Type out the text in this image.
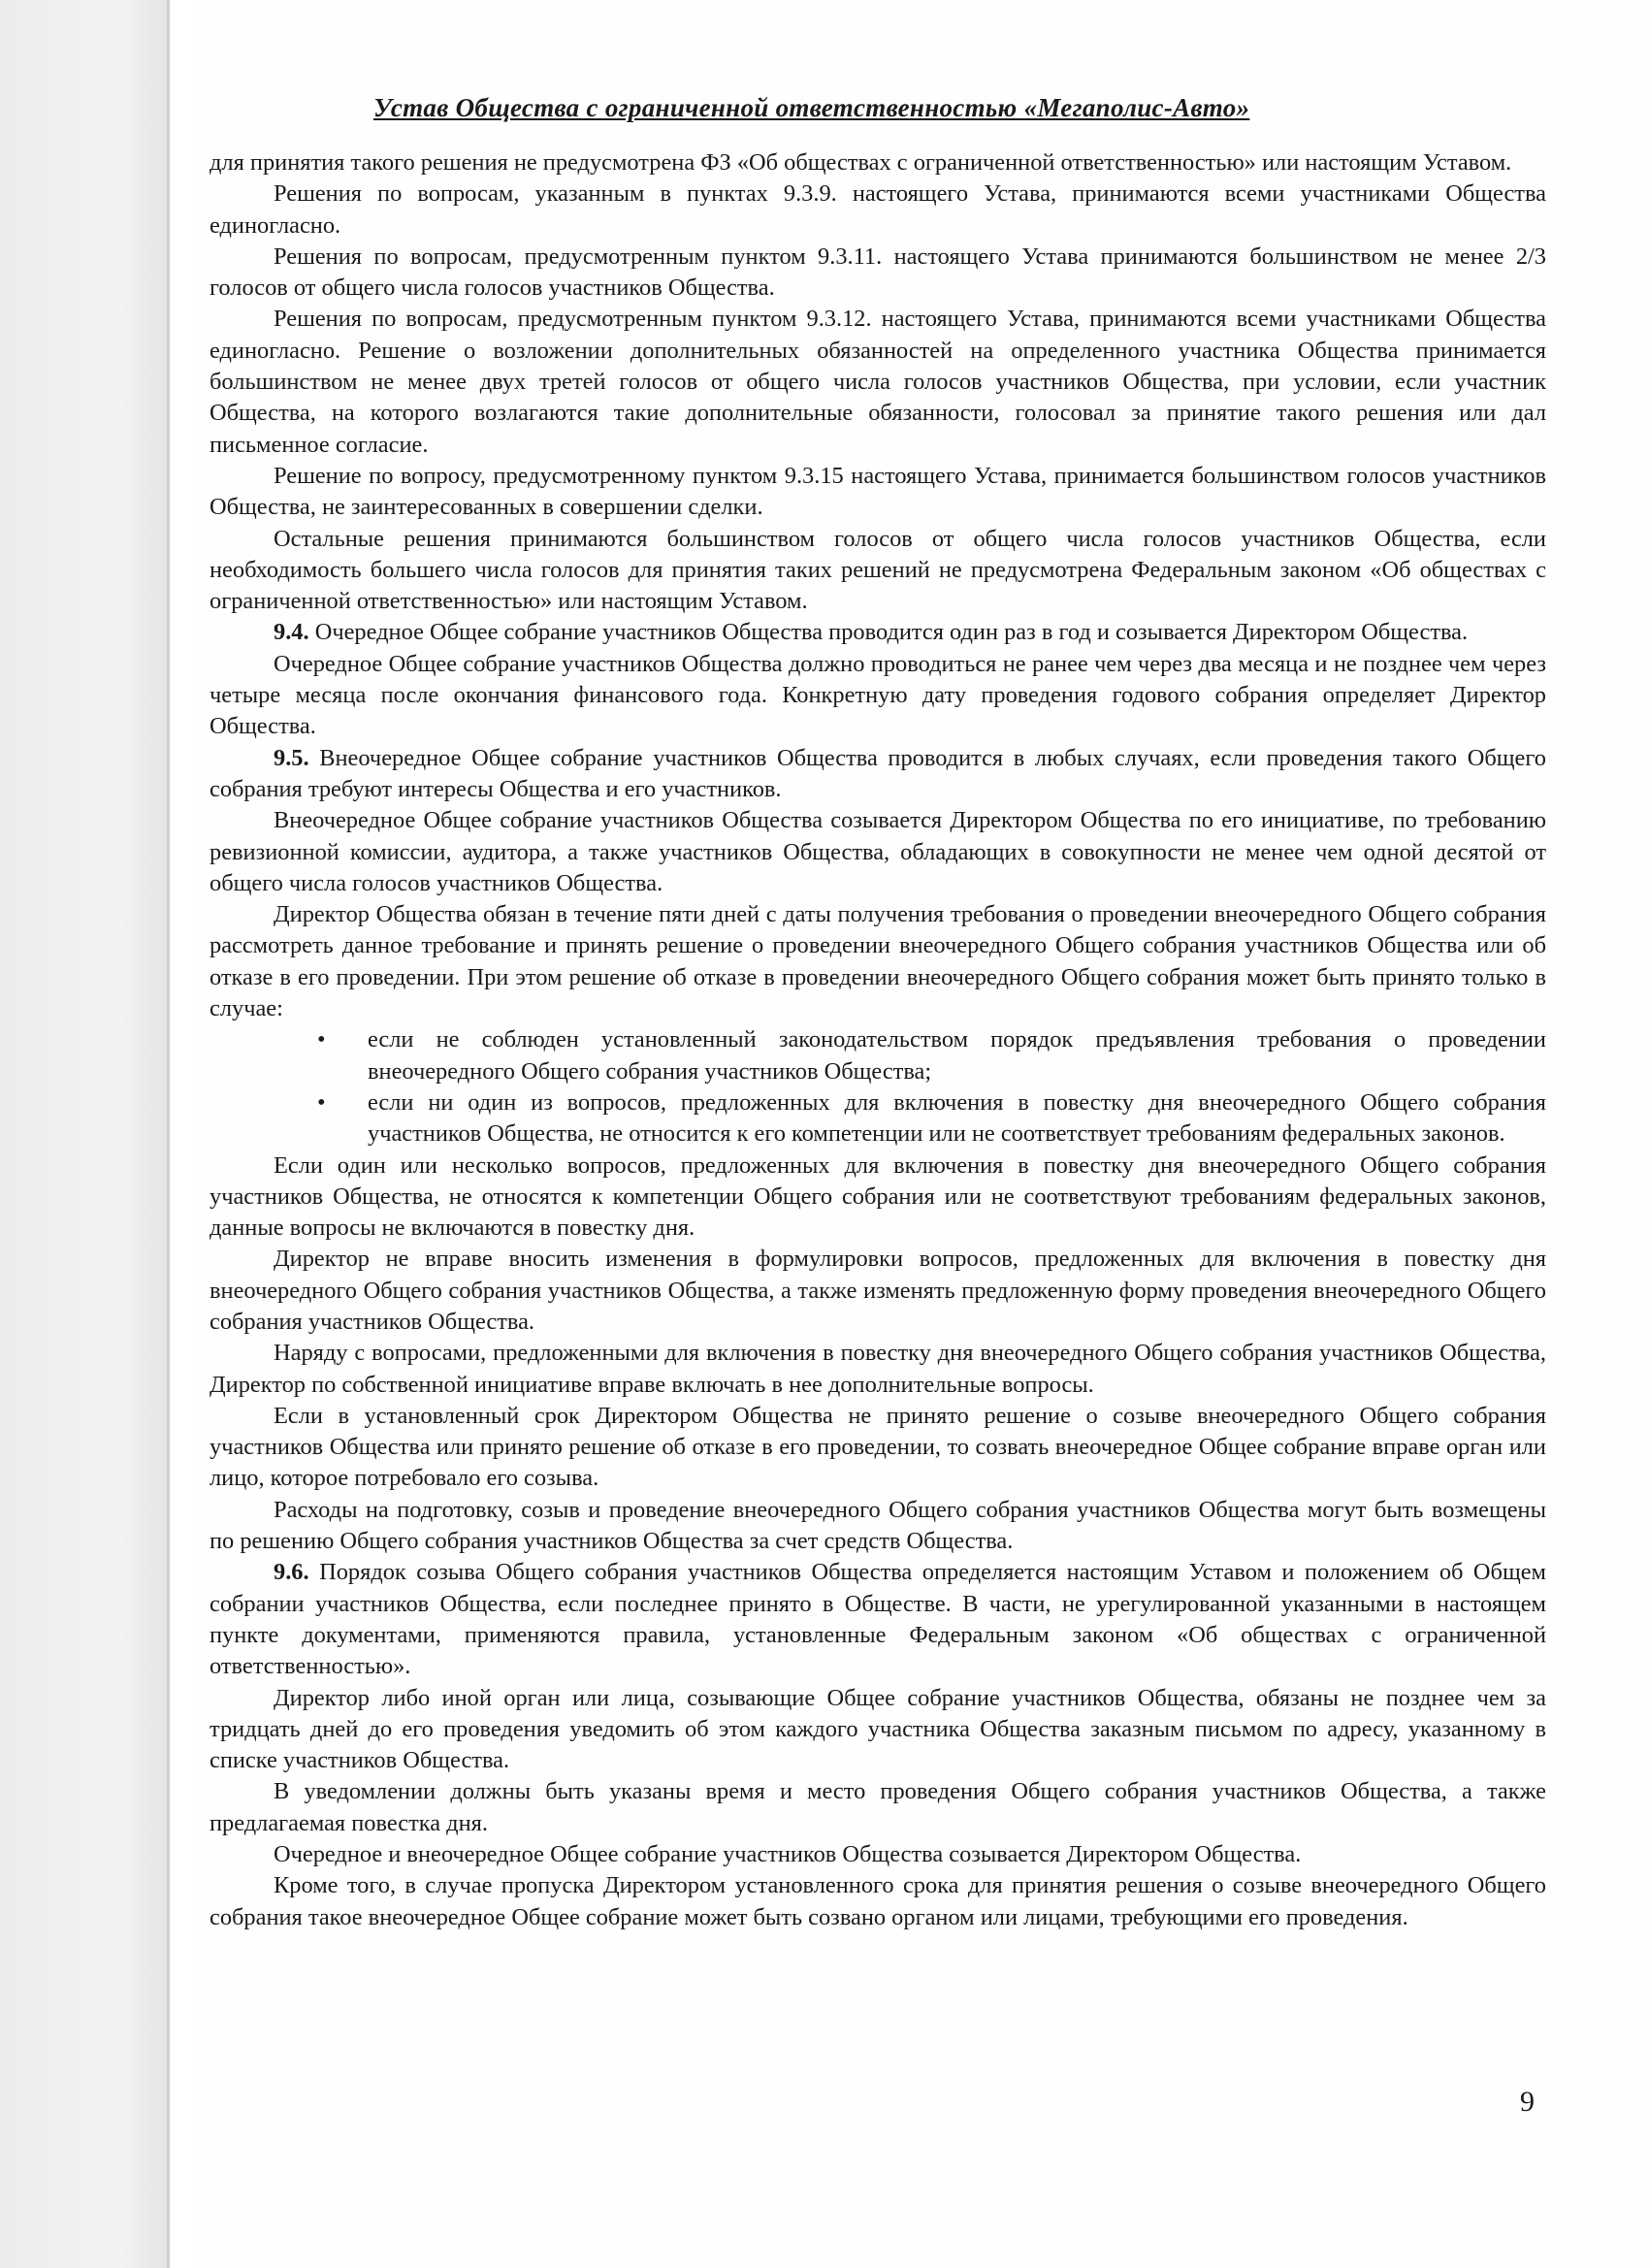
Устав Общества с ограниченной ответственностью «Мегаполис-Авто»

для принятия такого решения не предусмотрена ФЗ «Об обществах с ограниченной ответственностью» или настоящим Уставом.

Решения по вопросам, указанным в пунктах 9.3.9. настоящего Устава, принимаются всеми участниками Общества единогласно.

Решения по вопросам, предусмотренным пунктом 9.3.11. настоящего Устава принимаются большинством не менее 2/3 голосов от общего числа голосов участников Общества.

Решения по вопросам, предусмотренным пунктом 9.3.12. настоящего Устава, принимаются всеми участниками Общества единогласно. Решение о возложении дополнительных обязанностей на определенного участника Общества принимается большинством не менее двух третей голосов от общего числа голосов участников Общества, при условии, если участник Общества, на которого возлагаются такие дополнительные обязанности, голосовал за принятие такого решения или дал письменное согласие.

Решение по вопросу, предусмотренному пунктом 9.3.15 настоящего Устава, принимается большинством голосов участников Общества, не заинтересованных в совершении сделки.

Остальные решения принимаются большинством голосов от общего числа голосов участников Общества, если необходимость большего числа голосов для принятия таких решений не предусмотрена Федеральным законом «Об обществах с ограниченной ответственностью» или настоящим Уставом.

9.4. Очередное Общее собрание участников Общества проводится один раз в год и созывается Директором Общества.

Очередное Общее собрание участников Общества должно проводиться не ранее чем через два месяца и не позднее чем через четыре месяца после окончания финансового года. Конкретную дату проведения годового собрания определяет Директор Общества.

9.5. Внеочередное Общее собрание участников Общества проводится в любых случаях, если проведения такого Общего собрания требуют интересы Общества и его участников.

Внеочередное Общее собрание участников Общества созывается Директором Общества по его инициативе, по требованию ревизионной комиссии, аудитора, а также участников Общества, обладающих в совокупности не менее чем одной десятой от общего числа голосов участников Общества.

Директор Общества обязан в течение пяти дней с даты получения требования о проведении внеочередного Общего собрания рассмотреть данное требование и принять решение о проведении внеочередного Общего собрания участников Общества или об отказе в его проведении. При этом решение об отказе в проведении внеочередного Общего собрания может быть принято только в случае:

• если не соблюден установленный законодательством порядок предъявления требования о проведении внеочередного Общего собрания участников Общества;
• если ни один из вопросов, предложенных для включения в повестку дня внеочередного Общего собрания участников Общества, не относится к его компетенции или не соответствует требованиям федеральных законов.

Если один или несколько вопросов, предложенных для включения в повестку дня внеочередного Общего собрания участников Общества, не относятся к компетенции Общего собрания или не соответствуют требованиям федеральных законов, данные вопросы не включаются в повестку дня.

Директор не вправе вносить изменения в формулировки вопросов, предложенных для включения в повестку дня внеочередного Общего собрания участников Общества, а также изменять предложенную форму проведения внеочередного Общего собрания участников Общества.

Наряду с вопросами, предложенными для включения в повестку дня внеочередного Общего собрания участников Общества, Директор по собственной инициативе вправе включать в нее дополнительные вопросы.

Если в установленный срок Директором Общества не принято решение о созыве внеочередного Общего собрания участников Общества или принято решение об отказе в его проведении, то созвать внеочередное Общее собрание вправе орган или лицо, которое потребовало его созыва.

Расходы на подготовку, созыв и проведение внеочередного Общего собрания участников Общества могут быть возмещены по решению Общего собрания участников Общества за счет средств Общества.

9.6. Порядок созыва Общего собрания участников Общества определяется настоящим Уставом и положением об Общем собрании участников Общества, если последнее принято в Обществе. В части, не урегулированной указанными в настоящем пункте документами, применяются правила, установленные Федеральным законом «Об обществах с ограниченной ответственностью».

Директор либо иной орган или лица, созывающие Общее собрание участников Общества, обязаны не позднее чем за тридцать дней до его проведения уведомить об этом каждого участника Общества заказным письмом по адресу, указанному в списке участников Общества.

В уведомлении должны быть указаны время и место проведения Общего собрания участников Общества, а также предлагаемая повестка дня.

Очередное и внеочередное Общее собрание участников Общества созывается Директором Общества.

Кроме того, в случае пропуска Директором установленного срока для принятия решения о созыве внеочередного Общего собрания такое внеочередное Общее собрание может быть созвано органом или лицами, требующими его проведения.

9
